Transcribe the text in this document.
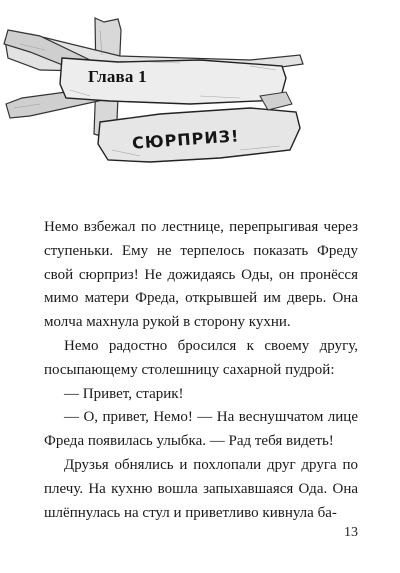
Глава 1
СЮРПРИЗ!

Немо взбежал по лестнице, перепрыгивая через ступеньки. Ему не терпелось показать Фреду свой сюрприз! Не дожидаясь Оды, он пронёсся мимо матери Фреда, открывшей им дверь. Она молча махнула рукой в сторону кухни.

Немо радостно бросился к своему другу, посыпающему столешницу сахарной пудрой:

— Привет, старик!

— О, привет, Немо! — На веснушчатом лице Фреда появилась улыбка. — Рад тебя видеть!

Друзья обнялись и похлопали друг друга по плечу. На кухню вошла запыхавшаяся Ода. Она шлёпнулась на стул и приветливо кивнула ба-

13
